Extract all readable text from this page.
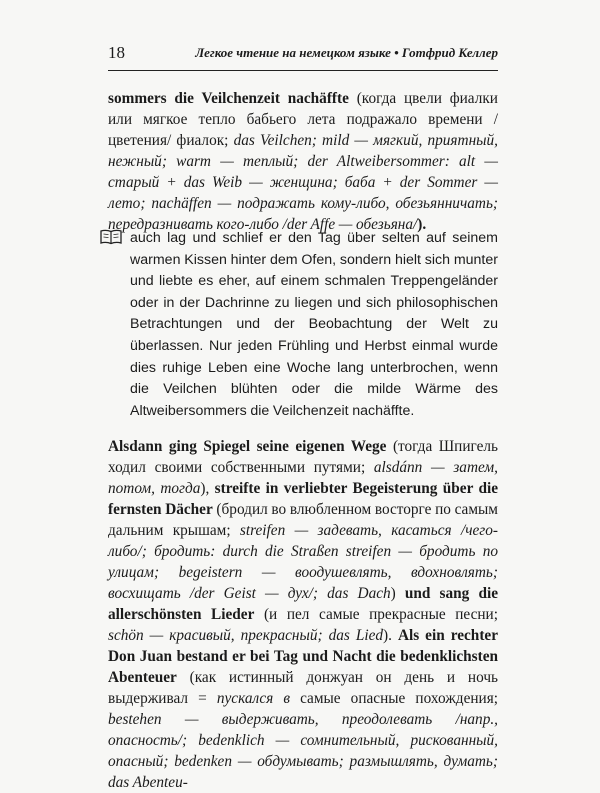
18	Легкое чтение на немецком языке • Готфрид Келлер
sommers die Veilchenzeit nachäffte (когда цвели фиалки или мягкое тепло бабьего лета подражало времени /цветения/ фиалок; das Veilchen; mild — мягкий, приятный, нежный; warm — теплый; der Altweibersommer: alt — старый + das Weib — женщина; баба + der Sommer — лето; nachäffen — подражать кому-либо, обезьянничать; передразнивать кого-либо /der Affe — обезьяна/).
auch lag und schlief er den Tag über selten auf seinem warmen Kissen hinter dem Ofen, sondern hielt sich munter und liebte es eher, auf einem schmalen Treppengeländer oder in der Dachrinne zu liegen und sich philosophischen Betrachtungen und der Beobachtung der Welt zu überlassen. Nur jeden Frühling und Herbst einmal wurde dies ruhige Leben eine Woche lang unterbrochen, wenn die Veilchen blühten oder die milde Wärme des Altweibersommers die Veilchenzeit nachäffte.
Alsdann ging Spiegel seine eigenen Wege (тогда Шпигель ходил своими собственными путями; alsdánn — затем, потом, тогда), streifte in verliebter Begeisterung über die fernsten Dächer (бродил во влюбленном восторге по самым дальним крышам; streifen — задевать, касаться /чего-либо/; бродить: durch die Straßen streifen — бродить по улицам; begeistern — воодушевлять, вдохновлять; восхищать /der Geist — дух/; das Dach) und sang die allerschönsten Lieder (и пел самые прекрасные песни; schön — красивый, прекрасный; das Lied). Als ein rechter Don Juan bestand er bei Tag und Nacht die bedenklichsten Abenteuer (как истинный донжуан он день и ночь выдерживал = пускался в самые опасные похождения; bestehen — выдерживать, преодолевать /напр., опасность/; bedenklich — сомнительный, рискованный, опасный; bedenken — обдумывать; размышлять, думать; das Abenteu-
